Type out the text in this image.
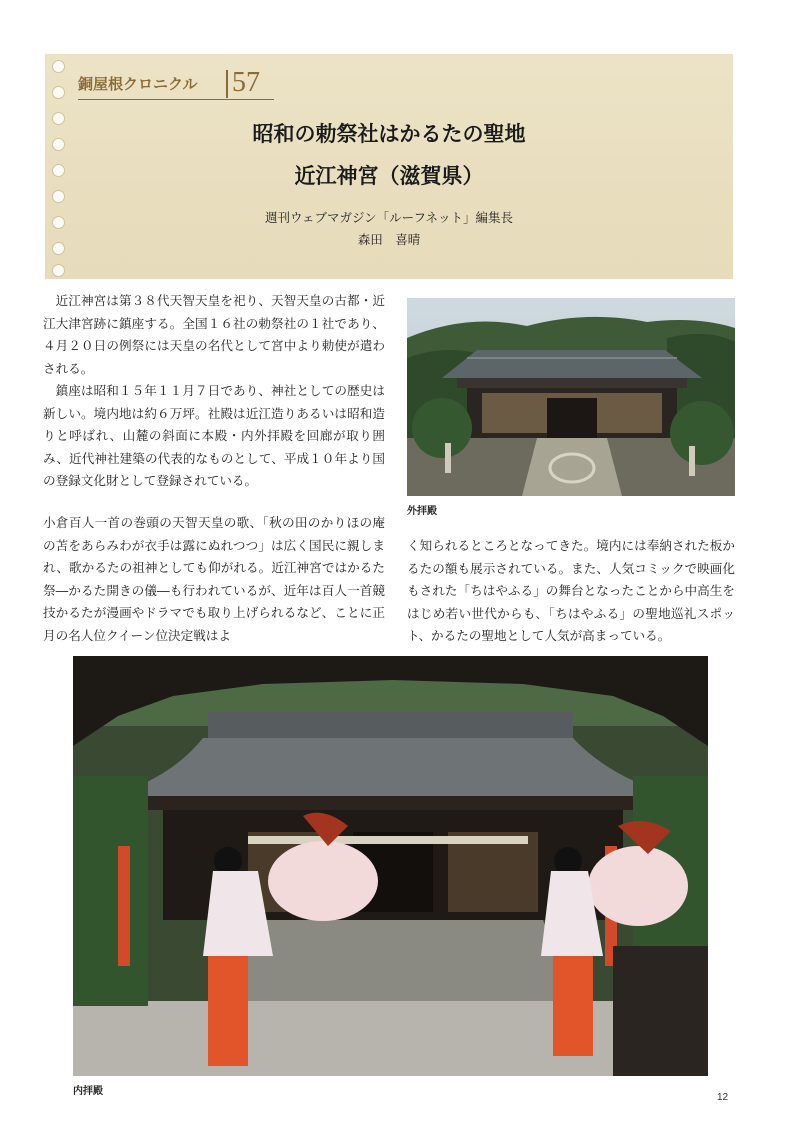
銅屋根クロニクル 57
昭和の勅祭社はかるたの聖地
近江神宮（滋賀県）
週刊ウェブマガジン「ルーフネット」編集長
森田　喜晴

近江神宮は第３８代天智天皇を祀り、天智天皇の古都・近江大津宮跡に鎮座する。全国１６社の勅祭社の１社であり、４月２０日の例祭には天皇の名代として宮中より勅使が遣わされる。

鎮座は昭和１５年１１月７日であり、神社としての歴史は新しい。境内地は約６万坪。社殿は近江造りあるいは昭和造りと呼ばれ、山麓の斜面に本殿・内外拝殿を回廊が取り囲み、近代神社建築の代表的なものとして、平成１０年より国の登録文化財として登録されている。

小倉百人一首の巻頭の天智天皇の歌、「秋の田のかりほの庵の苫をあらみわが衣手は露にぬれつつ」は広く国民に親しまれ、歌かるたの祖神としても仰がれる。近江神宮ではかるた祭―かるた開きの儀―も行われているが、近年は百人一首競技かるたが漫画やドラマでも取り上げられるなど、ことに正月の名人位クイーン位決定戦はよ

く知られるところとなってきた。境内には奉納された板かるたの額も展示されている。また、人気コミックで映画化もされた「ちはやふる」の舞台となったことから中高生をはじめ若い世代からも､「ちはやふる」の聖地巡礼スポット、かるたの聖地として人気が高まっている。

外拝殿
内拝殿
12
